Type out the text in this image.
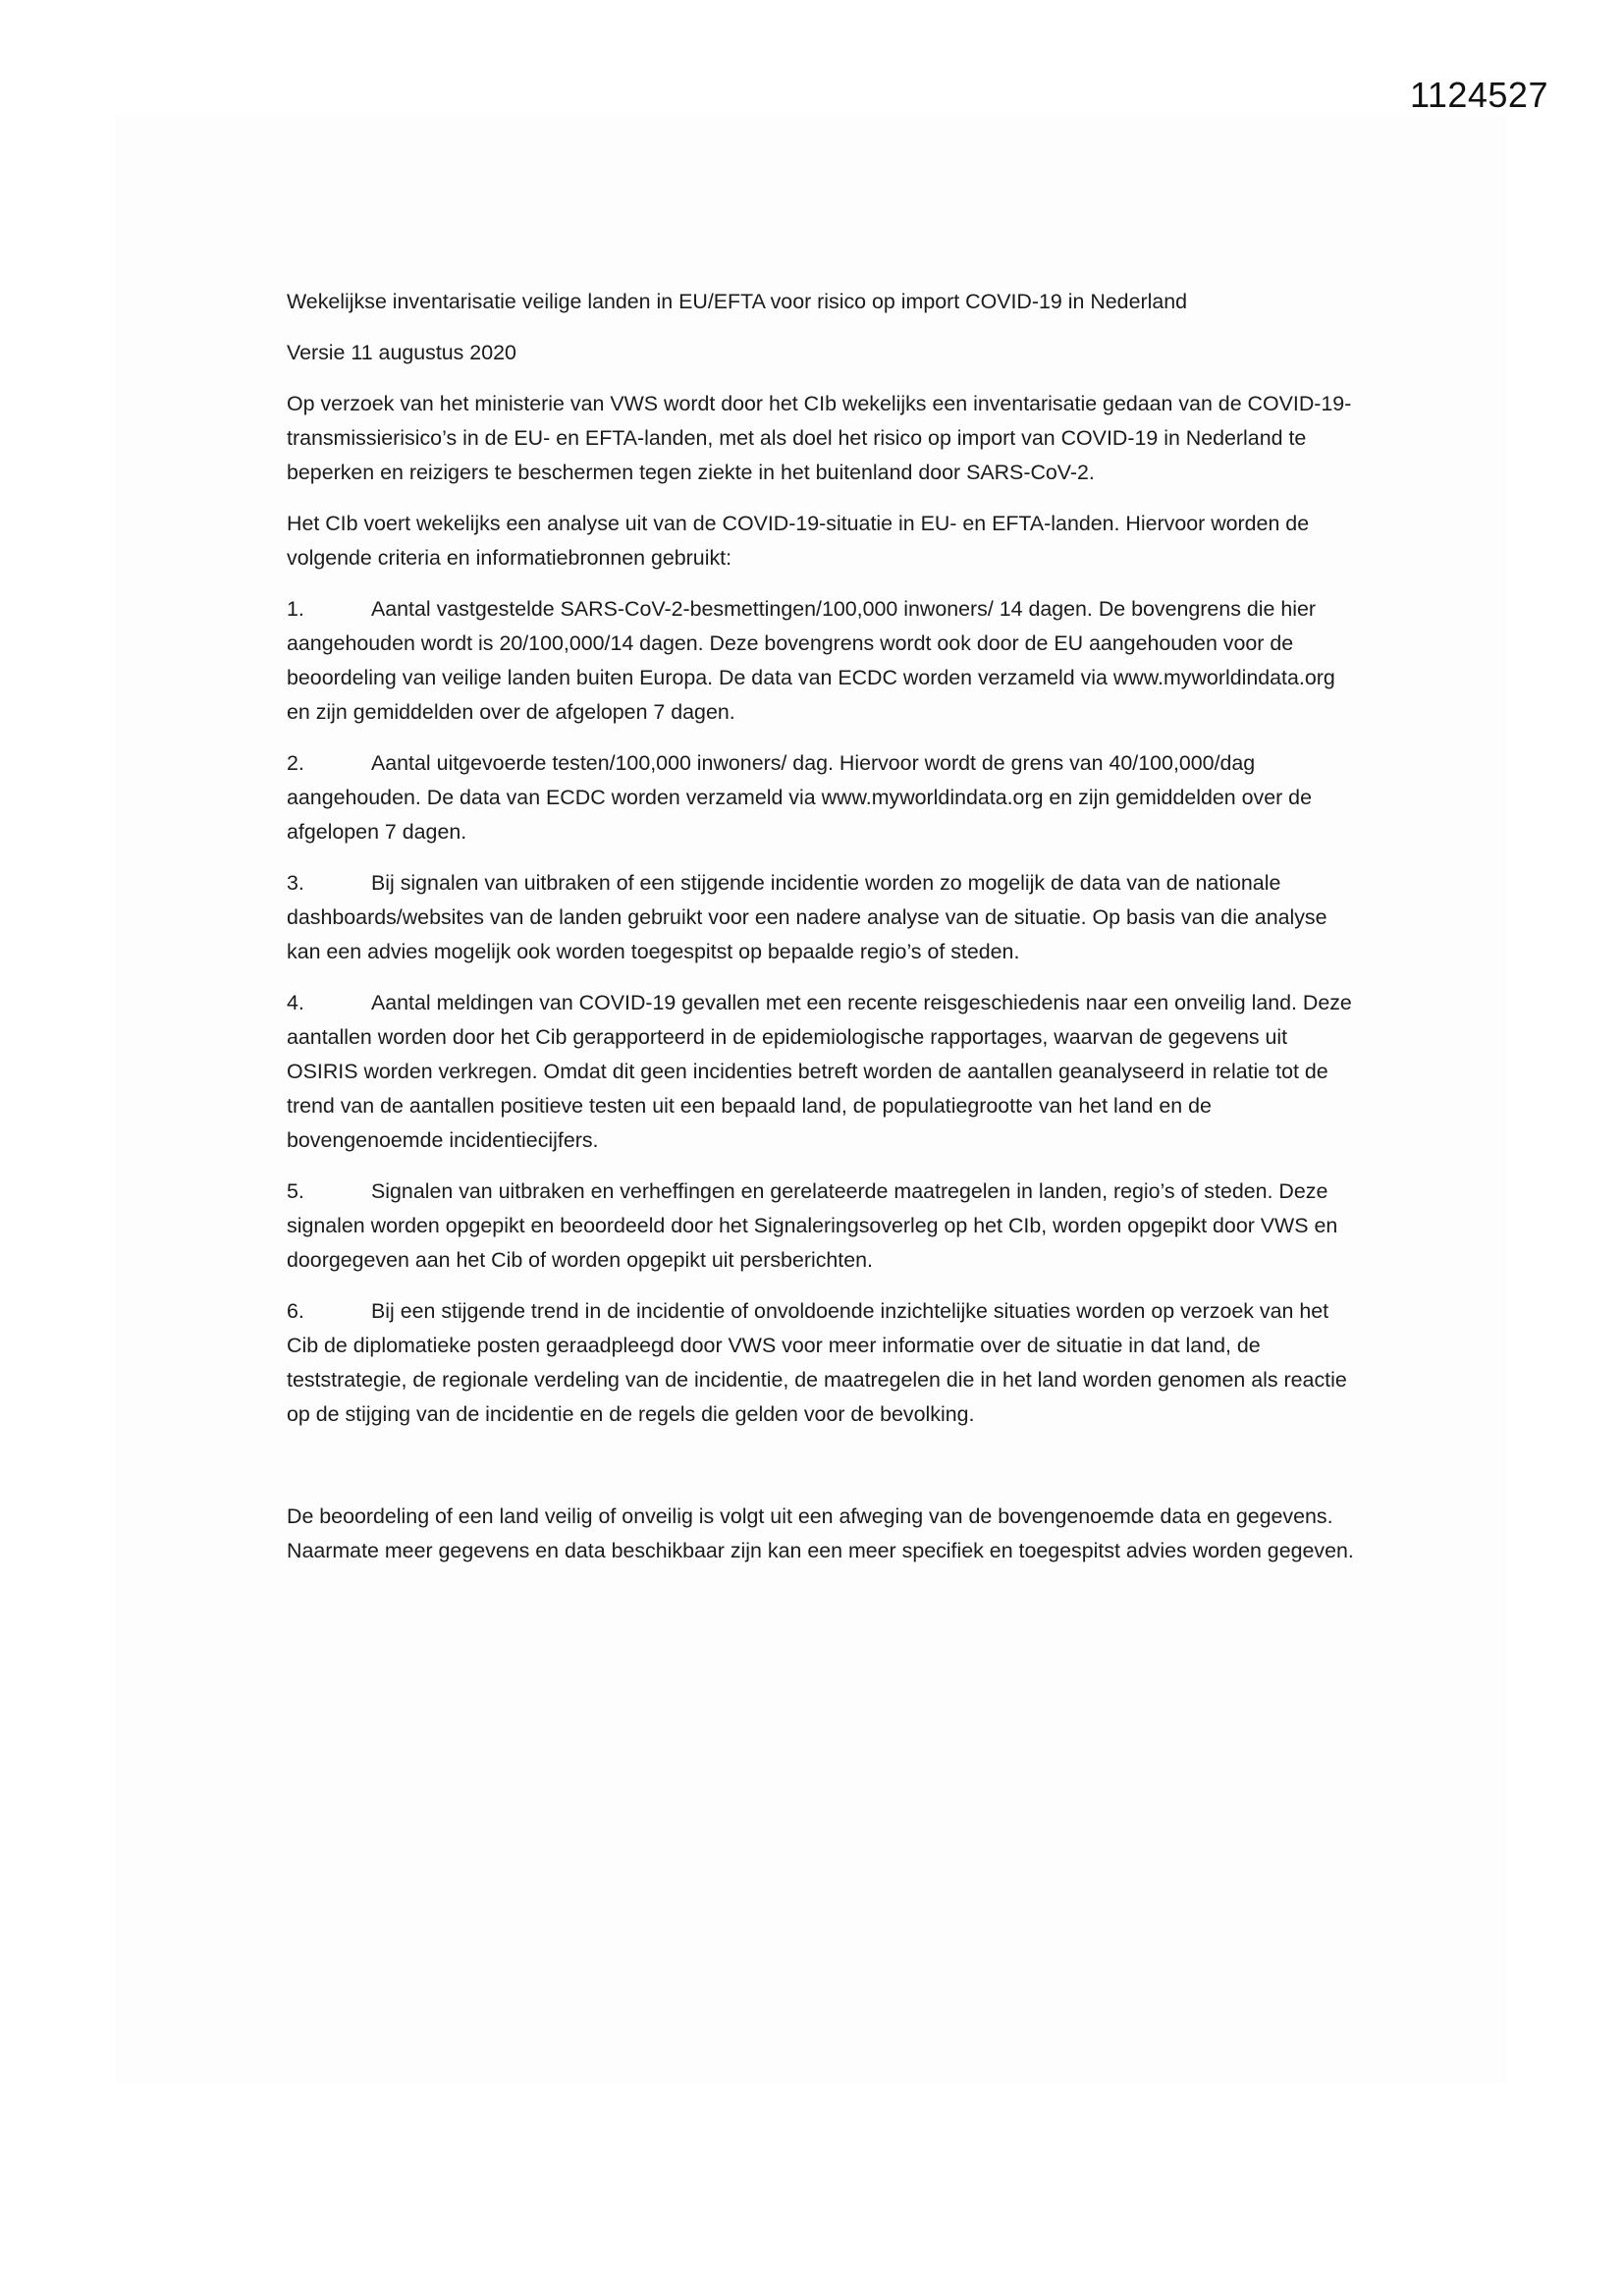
1124527

Wekelijkse inventarisatie veilige landen in EU/EFTA voor risico op import COVID-19 in Nederland

Versie 11 augustus 2020

Op verzoek van het ministerie van VWS wordt door het CIb wekelijks een inventarisatie gedaan van de COVID-19-transmissierisico’s in de EU- en EFTA-landen, met als doel het risico op import van COVID-19 in Nederland te beperken en reizigers te beschermen tegen ziekte in het buitenland door SARS-CoV-2.

Het CIb voert wekelijks een analyse uit van de COVID-19-situatie in EU- en EFTA-landen. Hiervoor worden de volgende criteria en informatiebronnen gebruikt:

1.	Aantal vastgestelde SARS-CoV-2-besmettingen/100,000 inwoners/ 14 dagen. De bovengrens die hier aangehouden wordt is 20/100,000/14 dagen. Deze bovengrens wordt ook door de EU aangehouden voor de beoordeling van veilige landen buiten Europa. De data van ECDC worden verzameld via www.myworldindata.org en zijn gemiddelden over de afgelopen 7 dagen.

2.	Aantal uitgevoerde testen/100,000 inwoners/ dag. Hiervoor wordt de grens van 40/100,000/dag aangehouden. De data van ECDC worden verzameld via www.myworldindata.org en zijn gemiddelden over de afgelopen 7 dagen.

3.	Bij signalen van uitbraken of een stijgende incidentie worden zo mogelijk de data van de nationale dashboards/websites van de landen gebruikt voor een nadere analyse van de situatie. Op basis van die analyse kan een advies mogelijk ook worden toegespitst op bepaalde regio’s of steden.

4.	Aantal meldingen van COVID-19 gevallen met een recente reisgeschiedenis naar een onveilig land. Deze aantallen worden door het Cib gerapporteerd in de epidemiologische rapportages, waarvan de gegevens uit OSIRIS worden verkregen. Omdat dit geen incidenties betreft worden de aantallen geanalyseerd in relatie tot de trend van de aantallen positieve testen uit een bepaald land, de populatiegrootte van het land en de bovengenoemde incidentiecijfers.

5.	Signalen van uitbraken en verheffingen en gerelateerde maatregelen in landen, regio’s of steden. Deze signalen worden opgepikt en beoordeeld door het Signaleringsoverleg op het CIb, worden opgepikt door VWS en doorgegeven aan het Cib of worden opgepikt uit persberichten.

6.	Bij een stijgende trend in de incidentie of onvoldoende inzichtelijke situaties worden op verzoek van het Cib de diplomatieke posten geraadpleegd door VWS voor meer informatie over de situatie in dat land, de teststrategie, de regionale verdeling van de incidentie, de maatregelen die in het land worden genomen als reactie op de stijging van de incidentie en de regels die gelden voor de bevolking.

De beoordeling of een land veilig of onveilig is volgt uit een afweging van de bovengenoemde data en gegevens. Naarmate meer gegevens en data beschikbaar zijn kan een meer specifiek en toegespitst advies worden gegeven.
